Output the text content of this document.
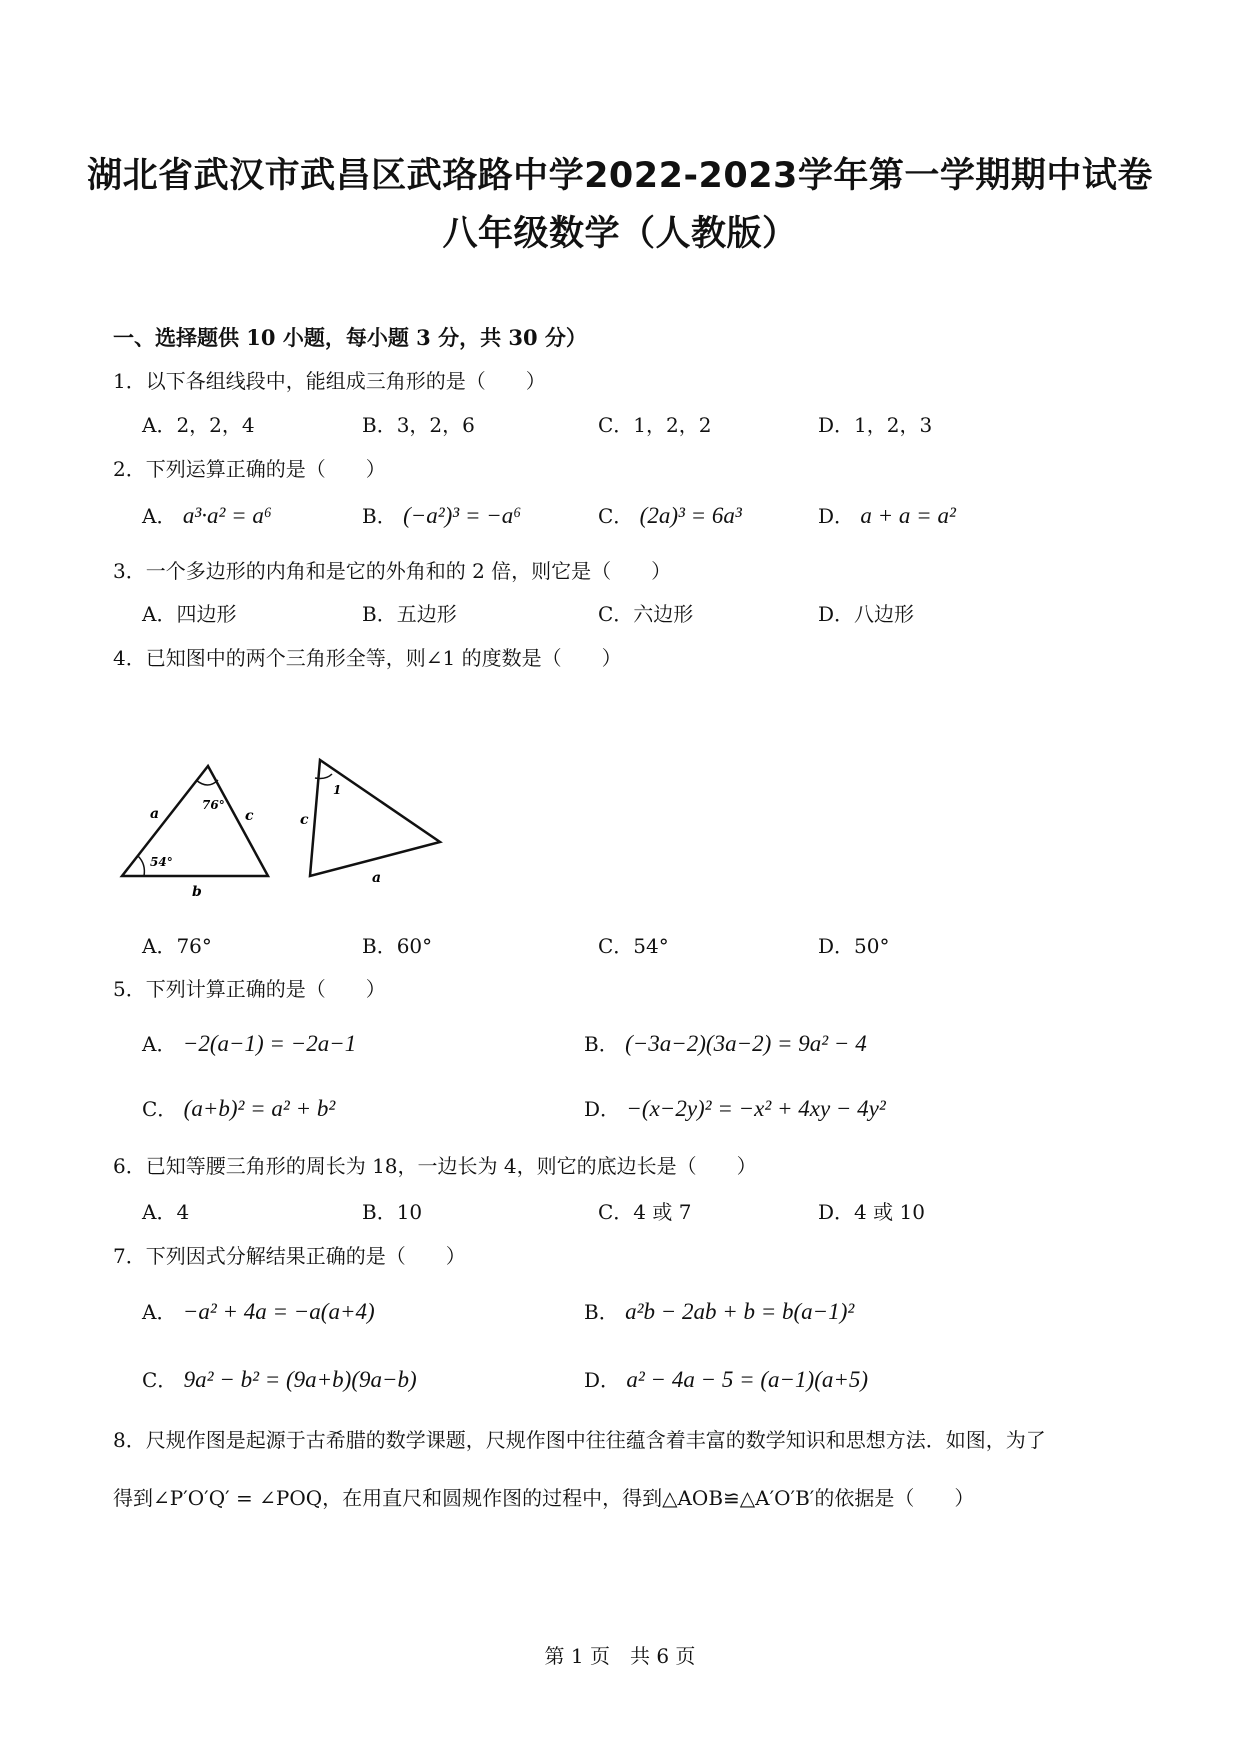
湖北省武汉市武昌区武珞路中学2022-2023学年第一学期期中试卷
八年级数学（人教版）
一、选择题供 10 小题，每小题 3 分，共 30 分）
1．以下各组线段中，能组成三角形的是（　　）
A．2，2，4	B．3，2，6	C．1，2，2	D．1，2，3
2．下列运算正确的是（　　）
A． a³·a² = a⁶	B． (−a²)³ = −a⁶	C． (2a)³ = 6a³	D． a + a = a²
3．一个多边形的内角和是它的外角和的 2 倍，则它是（　　）
A．四边形	B．五边形	C．六边形	D．八边形
4．已知图中的两个三角形全等，则∠1 的度数是（　　）
a	c
b
76°
54°
1
c
a
A．76°	B．60°	C．54°	D．50°
5．下列计算正确的是（　　）
A． −2(a−1) = −2a−1	B． (−3a−2)(3a−2) = 9a² − 4
C． (a+b)² = a² + b²	D． −(x−2y)² = −x² + 4xy − 4y²
6．已知等腰三角形的周长为 18，一边长为 4，则它的底边长是（　　）
A．4	B．10	C．4 或 7	D．4 或 10
7．下列因式分解结果正确的是（　　）
A． −a² + 4a = −a(a+4)	B． a²b − 2ab + b = b(a−1)²
C． 9a² − b² = (9a+b)(9a−b)	D． a² − 4a − 5 = (a−1)(a+5)
8．尺规作图是起源于古希腊的数学课题，尺规作图中往往蕴含着丰富的数学知识和思想方法．如图，为了
得到∠P′O′Q′ = ∠POQ，在用直尺和圆规作图的过程中，得到△AOB≌△A′O′B′的依据是（　　）
第 1 页　共 6 页
